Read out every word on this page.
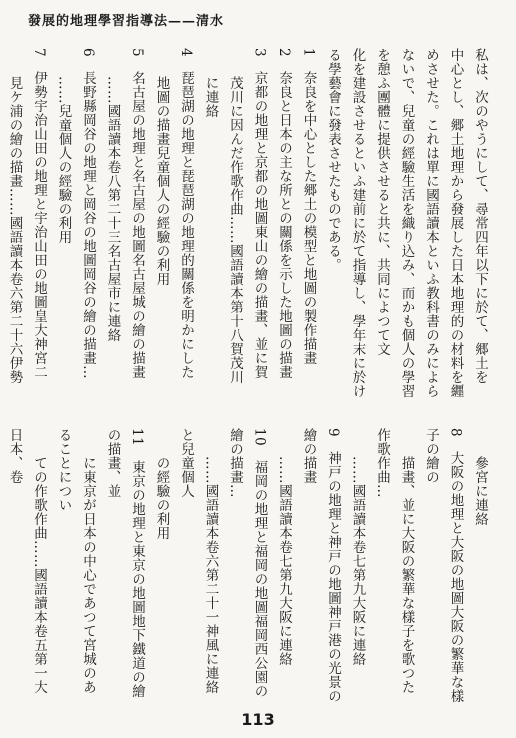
發展的地理學習指導法——清水

私は、次のやうにして、尋常四年以下に於て、郷土を

中心とし、郷土地理から發展した日本地理的の材料を纒

めさせた。これは單に國語讀本といふ教科書のみによら

ないで、兒童の經驗生活を織り込み、而かも個人の學習

を憩ふ團體に提供させると共に、共同によつて文

化を建設させるといふ建前に於て指導し、學年末に於け

る學藝會に發表させたものである。

1　奈良を中心とした郷土の模型と地圖の製作描畫

2　奈良と日本の主な所との關係を示した地圖の描畫

3　京都の地理と京都の地圖東山の繪の描畫、並に賀

　　茂川に因んだ作歌作曲……國語讀本第十八賀茂川

　　に連絡

4　琵琶湖の地理と琵琶湖の地理的關係を明かにした

　　地圖の描畫兒童個人の經驗の利用

5　名古屋の地理と名古屋の地圖名古屋城の繪の描畫

　　……國語讀本卷八第二十三名古屋市に連絡

6　長野縣岡谷の地理と岡谷の地圖岡谷の繪の描畫…

　　……兒童個人の經驗の利用

7　伊勢宇治山田の地理と宇治山田の地圖皇大神宮二

　　見ケ浦の繪の描畫……國語讀本卷六第二十六伊勢

　　參宮に連絡

8　大阪の地理と大阪の地圖大阪の繁華な樣子の繪の

　　描畫、並に大阪の繁華な樣子を歌つた作歌作曲…

　　……國語讀本卷七第九大阪に連絡

9　神戸の地理と神戸の地圖神戸港の光景の繪の描畫

　　……國語讀本卷七第九大阪に連絡

10　福岡の地理と福岡の地圖福岡西公園の繪の描畫…

　　……國語讀本卷六第二十一神風に連絡と兒童個人

　　の經驗の利用

11　東京の地理と東京の地圖地下鐵道の繪の描畫、並

　　に東京が日本の中心であつて宮城のあることについ

　　ての作歌作曲……國語讀本卷五第一大日本、卷

113
